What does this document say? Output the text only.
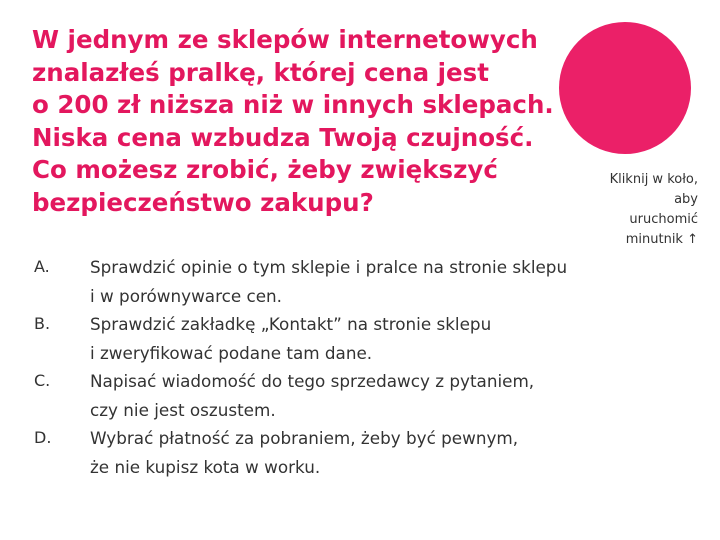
W jednym ze sklepów internetowych
znalazłeś pralkę, której cena jest
o 200 zł niższa niż w innych sklepach.
Niska cena wzbudza Twoją czujność.
Co możesz zrobić, żeby zwiększyć
bezpieczeństwo zakupu?
Kliknij w koło,
aby
uruchomić
minutnik ↑
A. Sprawdzić opinie o tym sklepie i pralce na stronie sklepu
i w porównywarce cen.
B. Sprawdzić zakładkę „Kontakt” na stronie sklepu
i zweryfikować podane tam dane.
C. Napisać wiadomość do tego sprzedawcy z pytaniem,
czy nie jest oszustem.
D. Wybrać płatność za pobraniem, żeby być pewnym,
że nie kupisz kota w worku.
